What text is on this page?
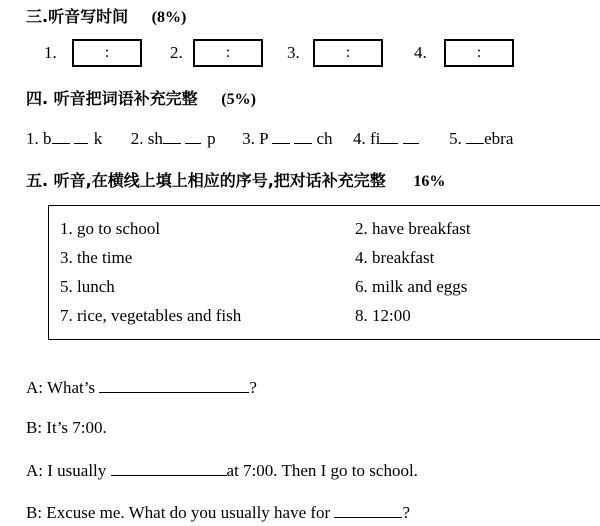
三.听音写时间 (8%)
1.	:	2.	:	3.	:	4.	:
四. 听音把词语补充完整 (5%)
1. b k 2. sh	p 3. P	ch 4. fi	5. ebra
五. 听音,在横线上填上相应的序号,把对话补充完整 16%
1. go to school	2. have breakfast
3. the time	4. breakfast
5. lunch	6. milk and eggs
7. rice, vegetables and fish	8. 12:00
A: What’s	?
B: It’s 7:00.
A: I usually	at 7:00. Then I go to school.
B: Excuse me. What do you usually have for	?
